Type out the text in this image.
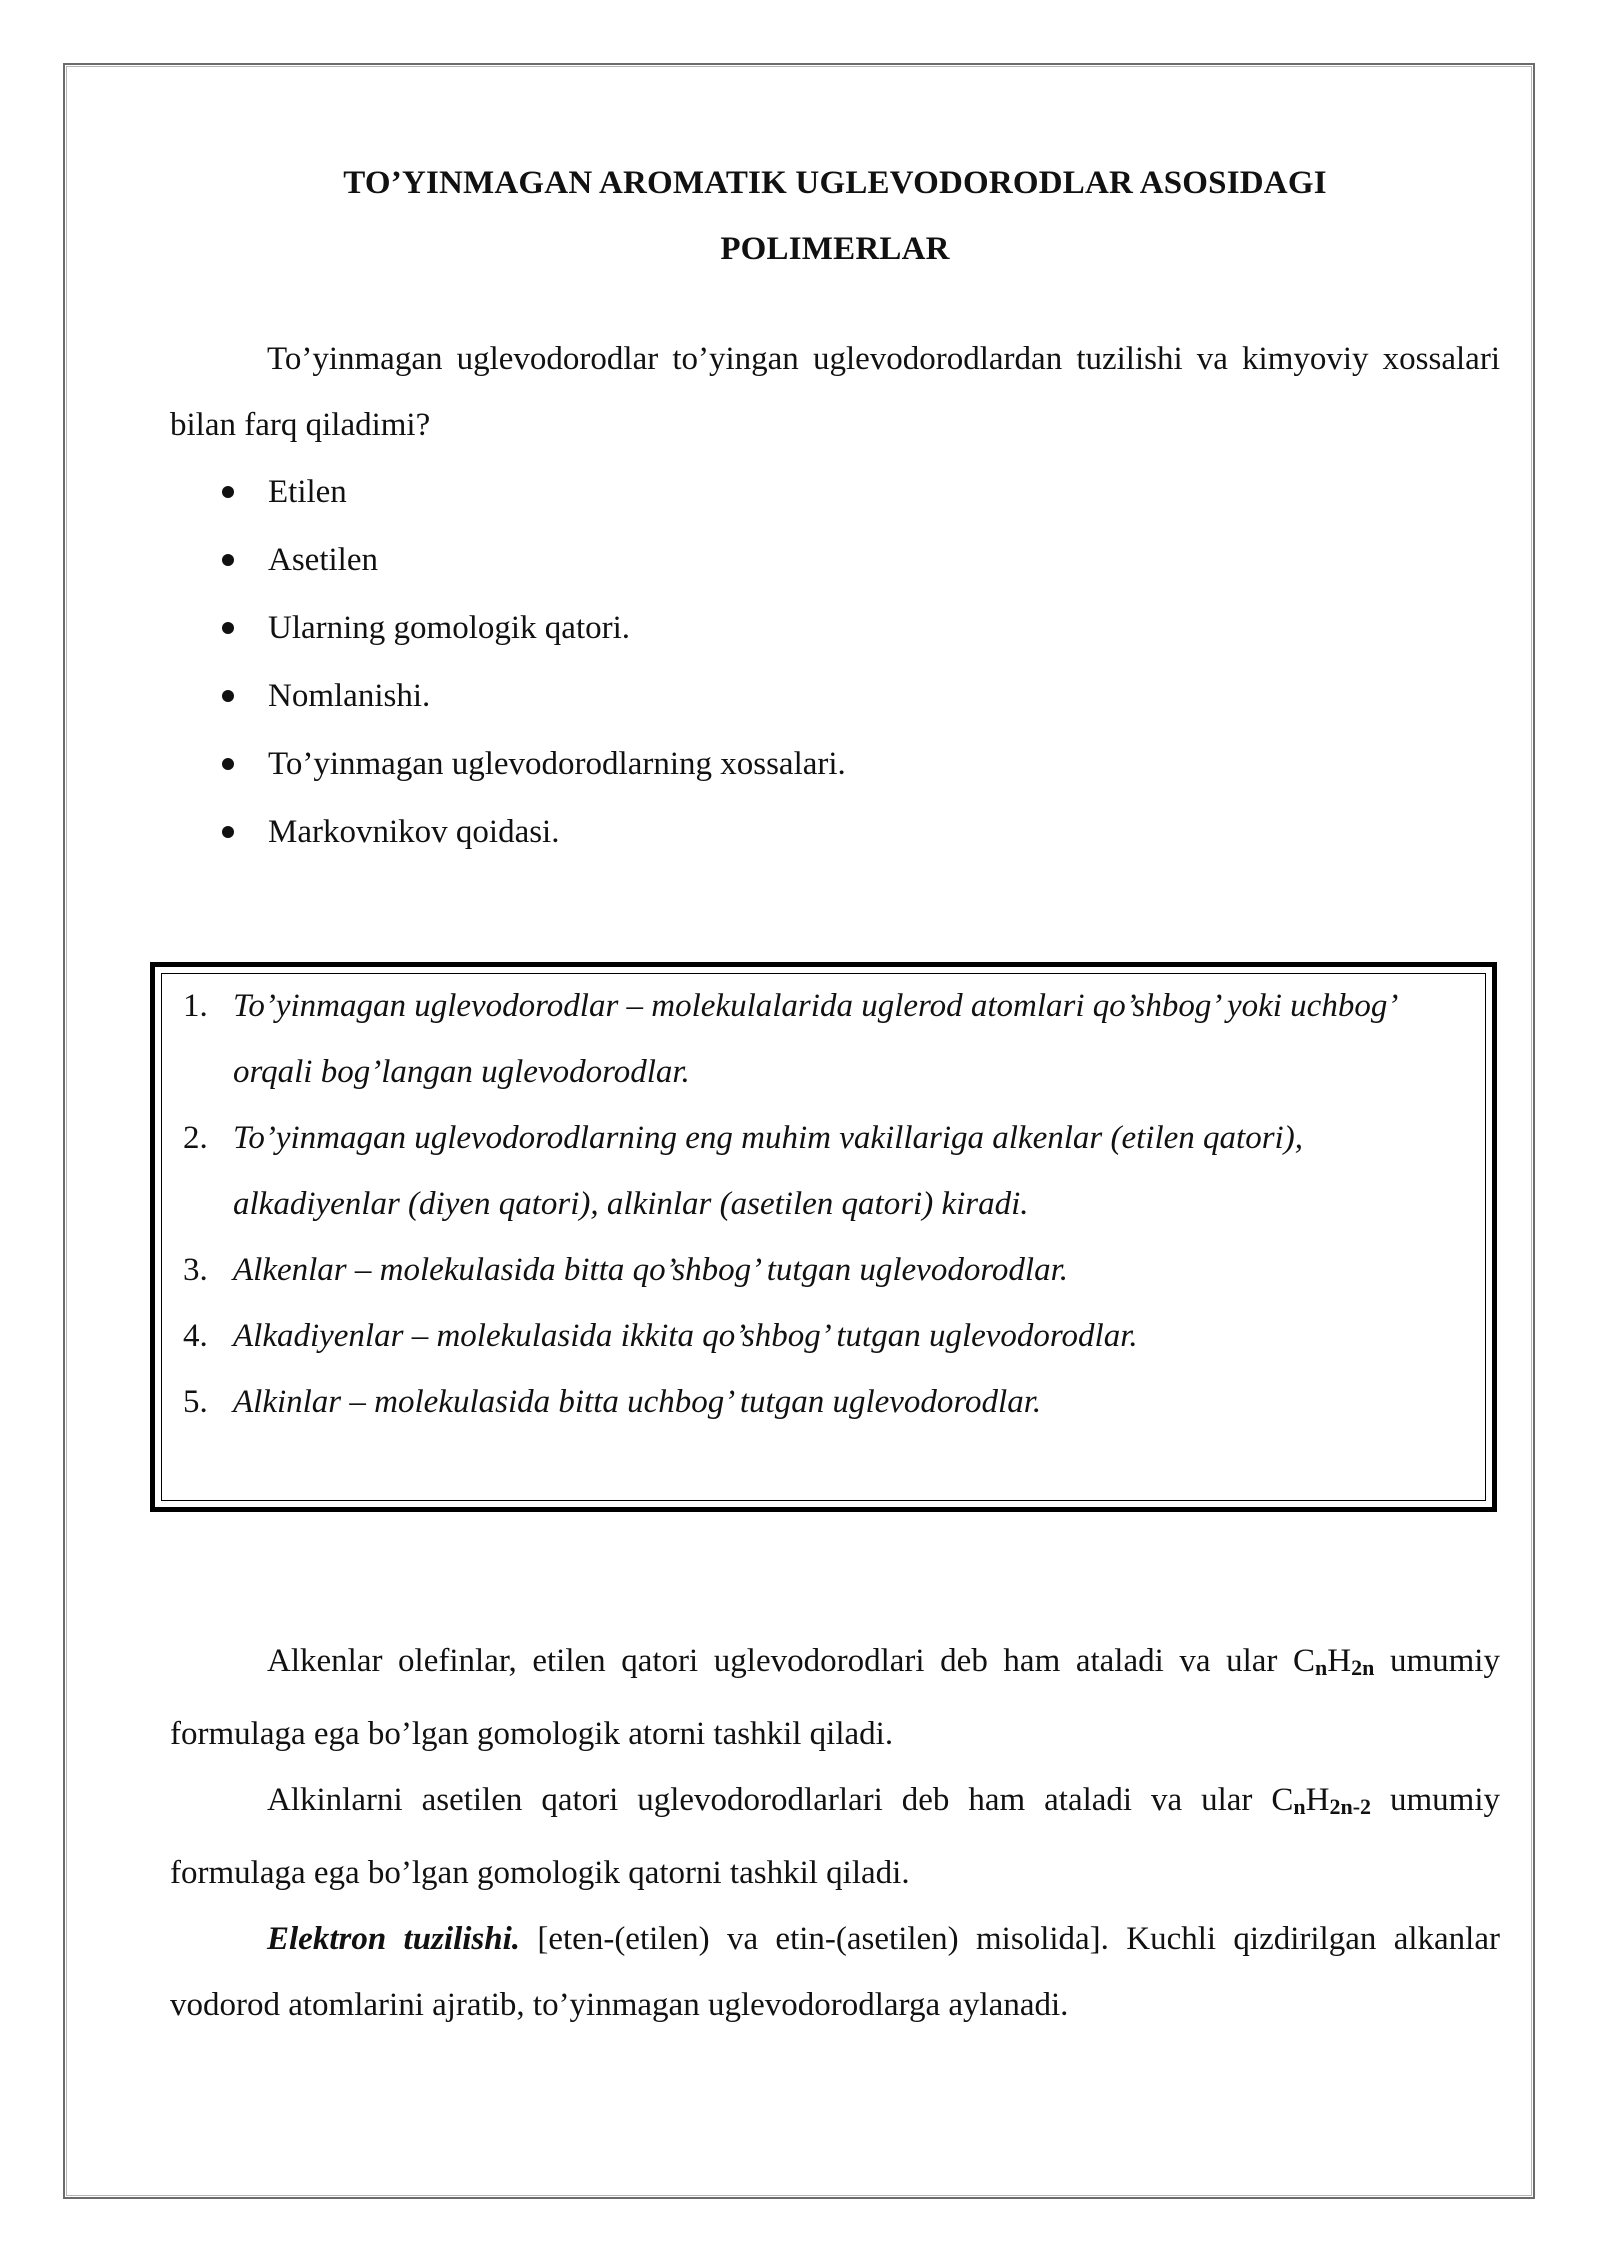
TO’YINMAGAN AROMATIK UGLEVODORODLAR ASOSIDAGI
POLIMERLAR

To’yinmagan uglevodorodlar to’yingan uglevodorodlardan tuzilishi va kimyoviy xossalari bilan farq qiladimi?

Etilen
Asetilen
Ularning gomologik qatori.
Nomlanishi.
To’yinmagan uglevodorodlarning xossalari.
Markovnikov qoidasi.
1. To’yinmagan uglevodorodlar – molekulalarida uglerod atomlari qo’shbog’ yoki uchbog’ orqali bog’langan uglevodorodlar.
2. To’yinmagan uglevodorodlarning eng muhim vakillariga alkenlar (etilen qatori), alkadiyenlar (diyen qatori), alkinlar (asetilen qatori) kiradi.
3. Alkenlar – molekulasida bitta qo’shbog’ tutgan uglevodorodlar.
4. Alkadiyenlar – molekulasida ikkita qo’shbog’ tutgan uglevodorodlar.
5. Alkinlar – molekulasida bitta uchbog’ tutgan uglevodorodlar.

Alkenlar olefinlar, etilen qatori uglevodorodlari deb ham ataladi va ular $C_nH_{2n}$ umumiy formulaga ega bo’lgan gomologik atorni tashkil qiladi.

Alkinlarni asetilen qatori uglevodorodlarlari deb ham ataladi va ular $C_nH_{2n-2}$ umumiy formulaga ega bo’lgan gomologik qatorni tashkil qiladi.

Elektron tuzilishi. [eten-(etilen) va etin-(asetilen) misolida]. Kuchli qizdirilgan alkanlar vodorod atomlarini ajratib, to’yinmagan uglevodorodlarga aylanadi.
